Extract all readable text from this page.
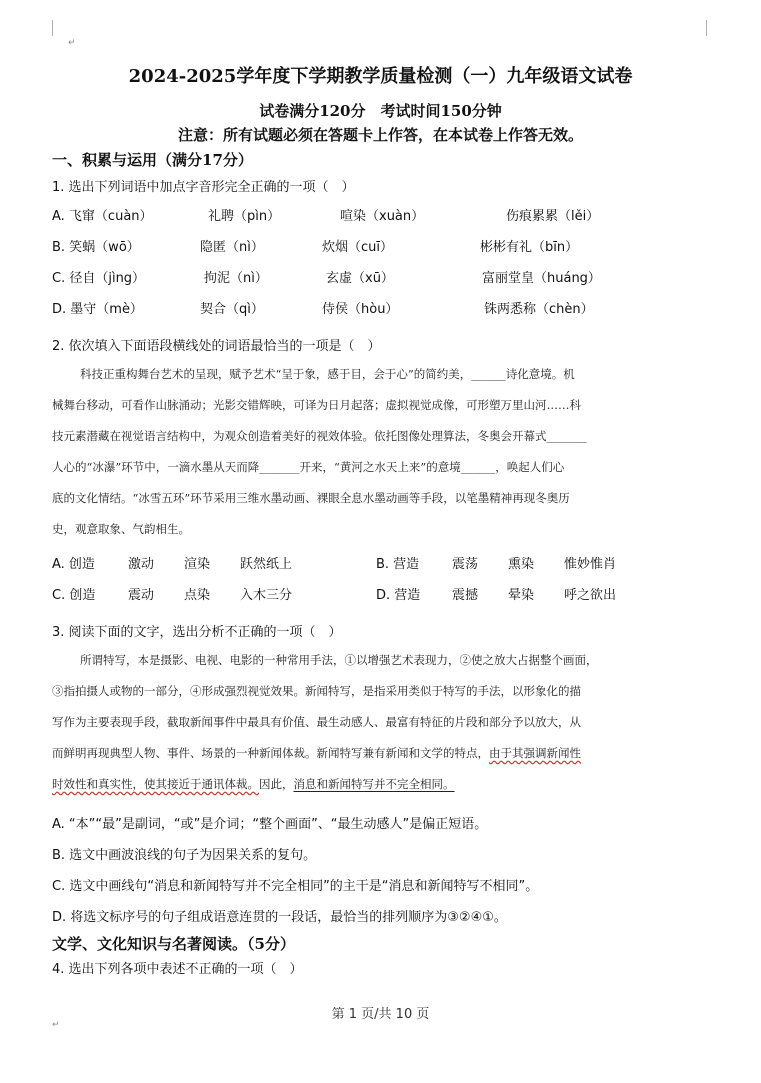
↵
2024-2025学年度下学期教学质量检测（一）九年级语文试卷
试卷满分120分　考试时间150分钟
注意：所有试题必须在答题卡上作答，在本试卷上作答无效。
一、积累与运用（满分17分）
1. 选出下列词语中加点字音形完全正确的一项（　）
A. 飞窜（cuàn）	礼聘（pìn）	喧染（xuàn）	伤痕累累（lěi）
B. 笑蜗（wō）	隐匿（nì）	炊烟（cuī）	彬彬有礼（bīn）
C. 径自（jìng）	拘泥（nì）	玄虚（xū）	富丽堂皇（huáng）
D. 墨守（mè）	契合（qì）	侍侯（hòu）	铢两悉称（chèn）
2. 依次填入下面语段横线处的词语最恰当的一项是（　）
科技正重构舞台艺术的呈现，赋予艺术“呈于象，感于目，会于心”的简约美，______诗化意境。机
械舞台移动，可看作山脉涌动；光影交错辉映，可译为日月起落；虚拟视觉成像，可形塑万里山河……科
技元素潜藏在视觉语言结构中，为观众创造着美好的视效体验。依托图像处理算法，冬奥会开幕式_______
人心的“冰瀑”环节中，一滴水墨从天而降_______开来，“黄河之水天上来”的意境______，唤起人们心
底的文化情结。“冰雪五环”环节采用三维水墨动画、裸眼全息水墨动画等手段，以笔墨精神再现冬奥历
史，观意取象、气韵相生。
A. 创造	激动 渲染 跃然纸上	B. 营造	震荡 熏染 惟妙惟肖
C. 创造	震动 点染 入木三分	D. 营造 震撼 晕染 呼之欲出
3. 阅读下面的文字，选出分析不正确的一项（　）
所谓特写，本是摄影、电视、电影的一种常用手法，①以增强艺术表现力，②使之放大占据整个画面，
③指拍摄人或物的一部分，④形成强烈视觉效果。新闻特写，是指采用类似于特写的手法，以形象化的描
写作为主要表现手段，截取新闻事件中最具有价值、最生动感人、最富有特征的片段和部分予以放大，从
而鲜明再现典型人物、事件、场景的一种新闻体裁。新闻特写兼有新闻和文学的特点，由于其强调新闻性
时效性和真实性，使其接近于通讯体裁。因此，消息和新闻特写并不完全相同。
A. “本”“最”是副词，“或”是介词；“整个画面”、“最生动感人”是偏正短语。
B. 选文中画波浪线的句子为因果关系的复句。
C. 选文中画线句“消息和新闻特写并不完全相同”的主干是“消息和新闻特写不相同”。
D. 将选文标序号的句子组成语意连贯的一段话，最恰当的排列顺序为③②④①。
文学、文化知识与名著阅读。（5分）
4. 选出下列各项中表述不正确的一项（　）
第 1 页/共 10 页
↵
